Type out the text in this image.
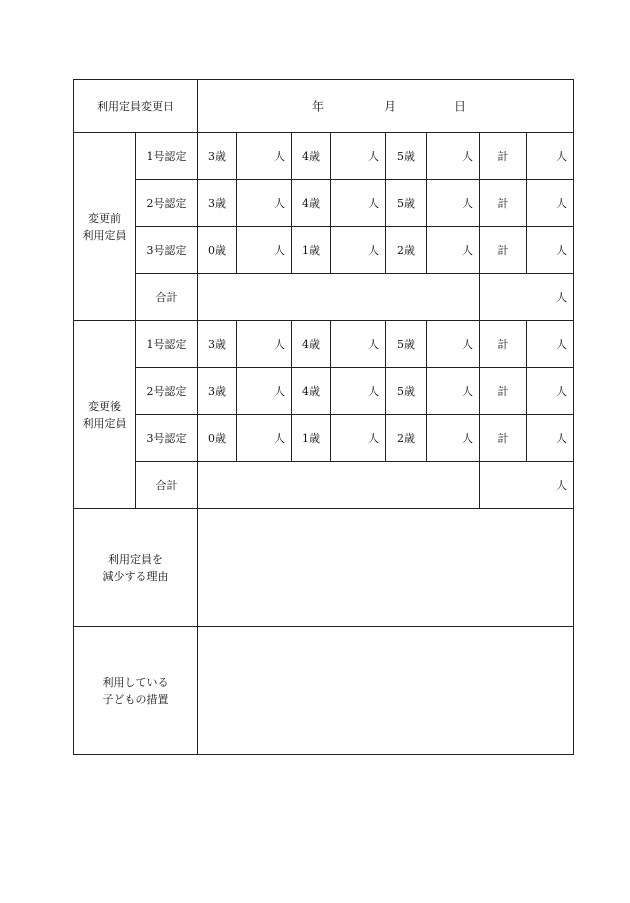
利用定員変更日		年 月 日							

変更前
利用定員	1号認定	3歳	人	4歳	人	5歳	人	計	人
	2号認定	3歳	人	4歳	人	5歳	人	計	人
	3号認定	0歳	人	1歳	人	2歳	人	計	人
	合計							人	
変更後
利用定員	1号認定	3歳	人	4歳	人	5歳	人	計	人
	2号認定	3歳	人	4歳	人	5歳	人	計	人
	3号認定	0歳	人	1歳	人	2歳	人	計	人
	合計							人	
利用定員を
減少する理由									
利用している
子どもの措置									
